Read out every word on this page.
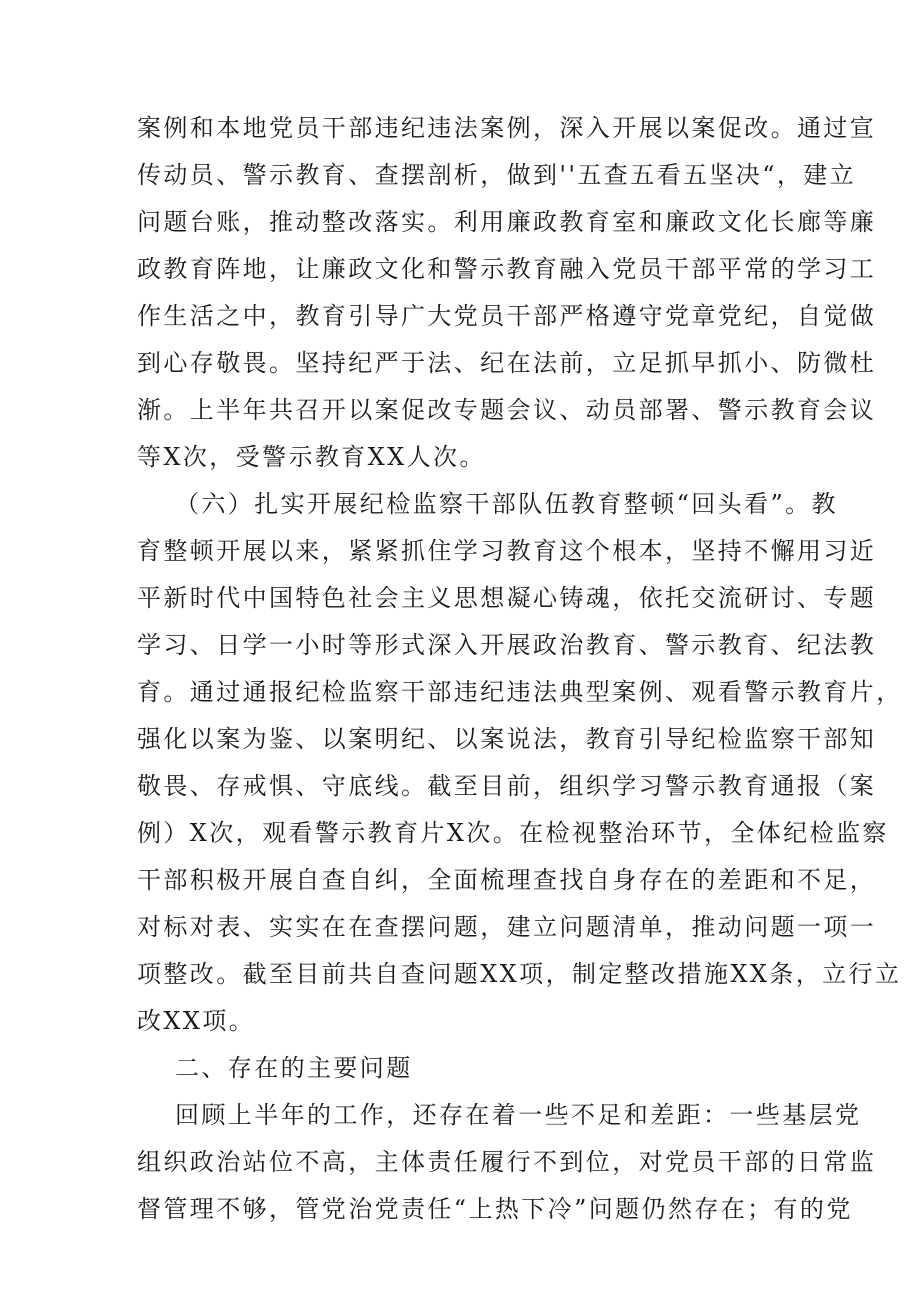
案例和本地党员干部违纪违法案例，深入开展以案促改。通过宣
传动员、警示教育、查摆剖析，做到''五查五看五坚决“，建立
问题台账，推动整改落实。利用廉政教育室和廉政文化长廊等廉
政教育阵地，让廉政文化和警示教育融入党员干部平常的学习工
作生活之中，教育引导广大党员干部严格遵守党章党纪，自觉做
到心存敬畏。坚持纪严于法、纪在法前，立足抓早抓小、防微杜
渐。上半年共召开以案促改专题会议、动员部署、警示教育会议
等X次，受警示教育XX人次。
（六）扎实开展纪检监察干部队伍教育整顿“回头看”。教
育整顿开展以来，紧紧抓住学习教育这个根本，坚持不懈用习近
平新时代中国特色社会主义思想凝心铸魂，依托交流研讨、专题
学习、日学一小时等形式深入开展政治教育、警示教育、纪法教
育。通过通报纪检监察干部违纪违法典型案例、观看警示教育片，
强化以案为鉴、以案明纪、以案说法，教育引导纪检监察干部知
敬畏、存戒惧、守底线。截至目前，组织学习警示教育通报（案
例）X次，观看警示教育片X次。在检视整治环节，全体纪检监察
干部积极开展自查自纠，全面梳理查找自身存在的差距和不足，
对标对表、实实在在查摆问题，建立问题清单，推动问题一项一
项整改。截至目前共自查问题XX项，制定整改措施XX条，立行立
改XX项。
二、存在的主要问题
回顾上半年的工作，还存在着一些不足和差距：一些基层党
组织政治站位不高，主体责任履行不到位，对党员干部的日常监
督管理不够，管党治党责任“上热下冷”问题仍然存在；有的党
